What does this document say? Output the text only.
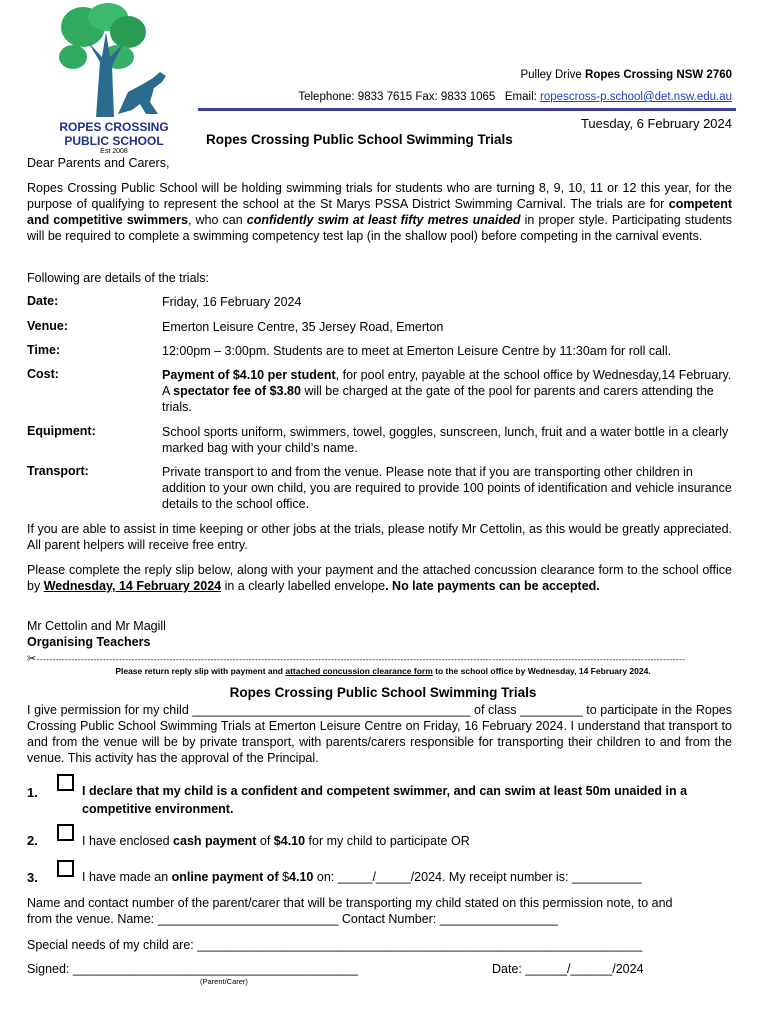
ROPES CROSSING
PUBLIC SCHOOL
Est 2008
Pulley Drive Ropes Crossing NSW 2760
Telephone: 9833 7615 Fax: 9833 1065 Email: ropescross-p.school@det.nsw.edu.au
Tuesday, 6 February 2024
Ropes Crossing Public School Swimming Trials
Dear Parents and Carers,

Ropes Crossing Public School will be holding swimming trials for students who are turning 8, 9, 10, 11 or 12 this year, for the purpose of qualifying to represent the school at the St Marys PSSA District Swimming Carnival. The trials are for competent and competitive swimmers, who can confidently swim at least fifty metres unaided in proper style. Participating students will be required to complete a swimming competency test lap (in the shallow pool) before competing in the carnival events.

Following are details of the trials:
Date:	Friday, 16 February 2024
Venue:	Emerton Leisure Centre, 35 Jersey Road, Emerton
Time:	12:00pm – 3:00pm. Students are to meet at Emerton Leisure Centre by 11:30am for roll call.
Cost:	Payment of $4.10 per student, for pool entry, payable at the school office by Wednesday,14 February. A spectator fee of $3.80 will be charged at the gate of the pool for parents and carers attending the trials.

Equipment:	School sports uniform, swimmers, towel, goggles, sunscreen, lunch, fruit and a water bottle in a clearly marked bag with your child’s name.
Transport:	Private transport to and from the venue. Please note that if you are transporting other children in addition to your own child, you are required to provide 100 points of identification and vehicle insurance details to the school office.
If you are able to assist in time keeping or other jobs at the trials, please notify Mr Cettolin, as this would be greatly appreciated. All parent helpers will receive free entry.

Please complete the reply slip below, along with your payment and the attached concussion clearance form to the school office by Wednesday, 14 February 2024 in a clearly labelled envelope. No late payments can be accepted.

Mr Cettolin and Mr Magill
Organising Teachers
✂-------------------------------------------------------------------------------------------------------------------------------------------------------------------------------------------------------------
Please return reply slip with payment and attached concussion clearance form to the school office by Wednesday, 14 February 2024.
Ropes Crossing Public School Swimming Trials
I give permission for my child ________________________________________ of class _________ to participate in the Ropes Crossing Public School Swimming Trials at Emerton Leisure Centre on Friday, 16 February 2024. I understand that transport to and from the venue will be by private transport, with parents/carers responsible for transporting their children to and from the venue. This activity has the approval of the Principal.
1.	I declare that my child is a confident and competent swimmer, and can swim at least 50m unaided in a competitive environment.
2.	I have enclosed cash payment of $4.10 for my child to participate OR
3.	I have made an online payment of $4.10 on: _____/_____/2024. My receipt number is: __________
Name and contact number of the parent/carer that will be transporting my child stated on this permission note, to and from the venue. Name: __________________________ Contact Number: _________________
Special needs of my child are: ________________________________________________________________
Signed: _________________________________________
(Parent/Carer)
Date: ______/______/2024
